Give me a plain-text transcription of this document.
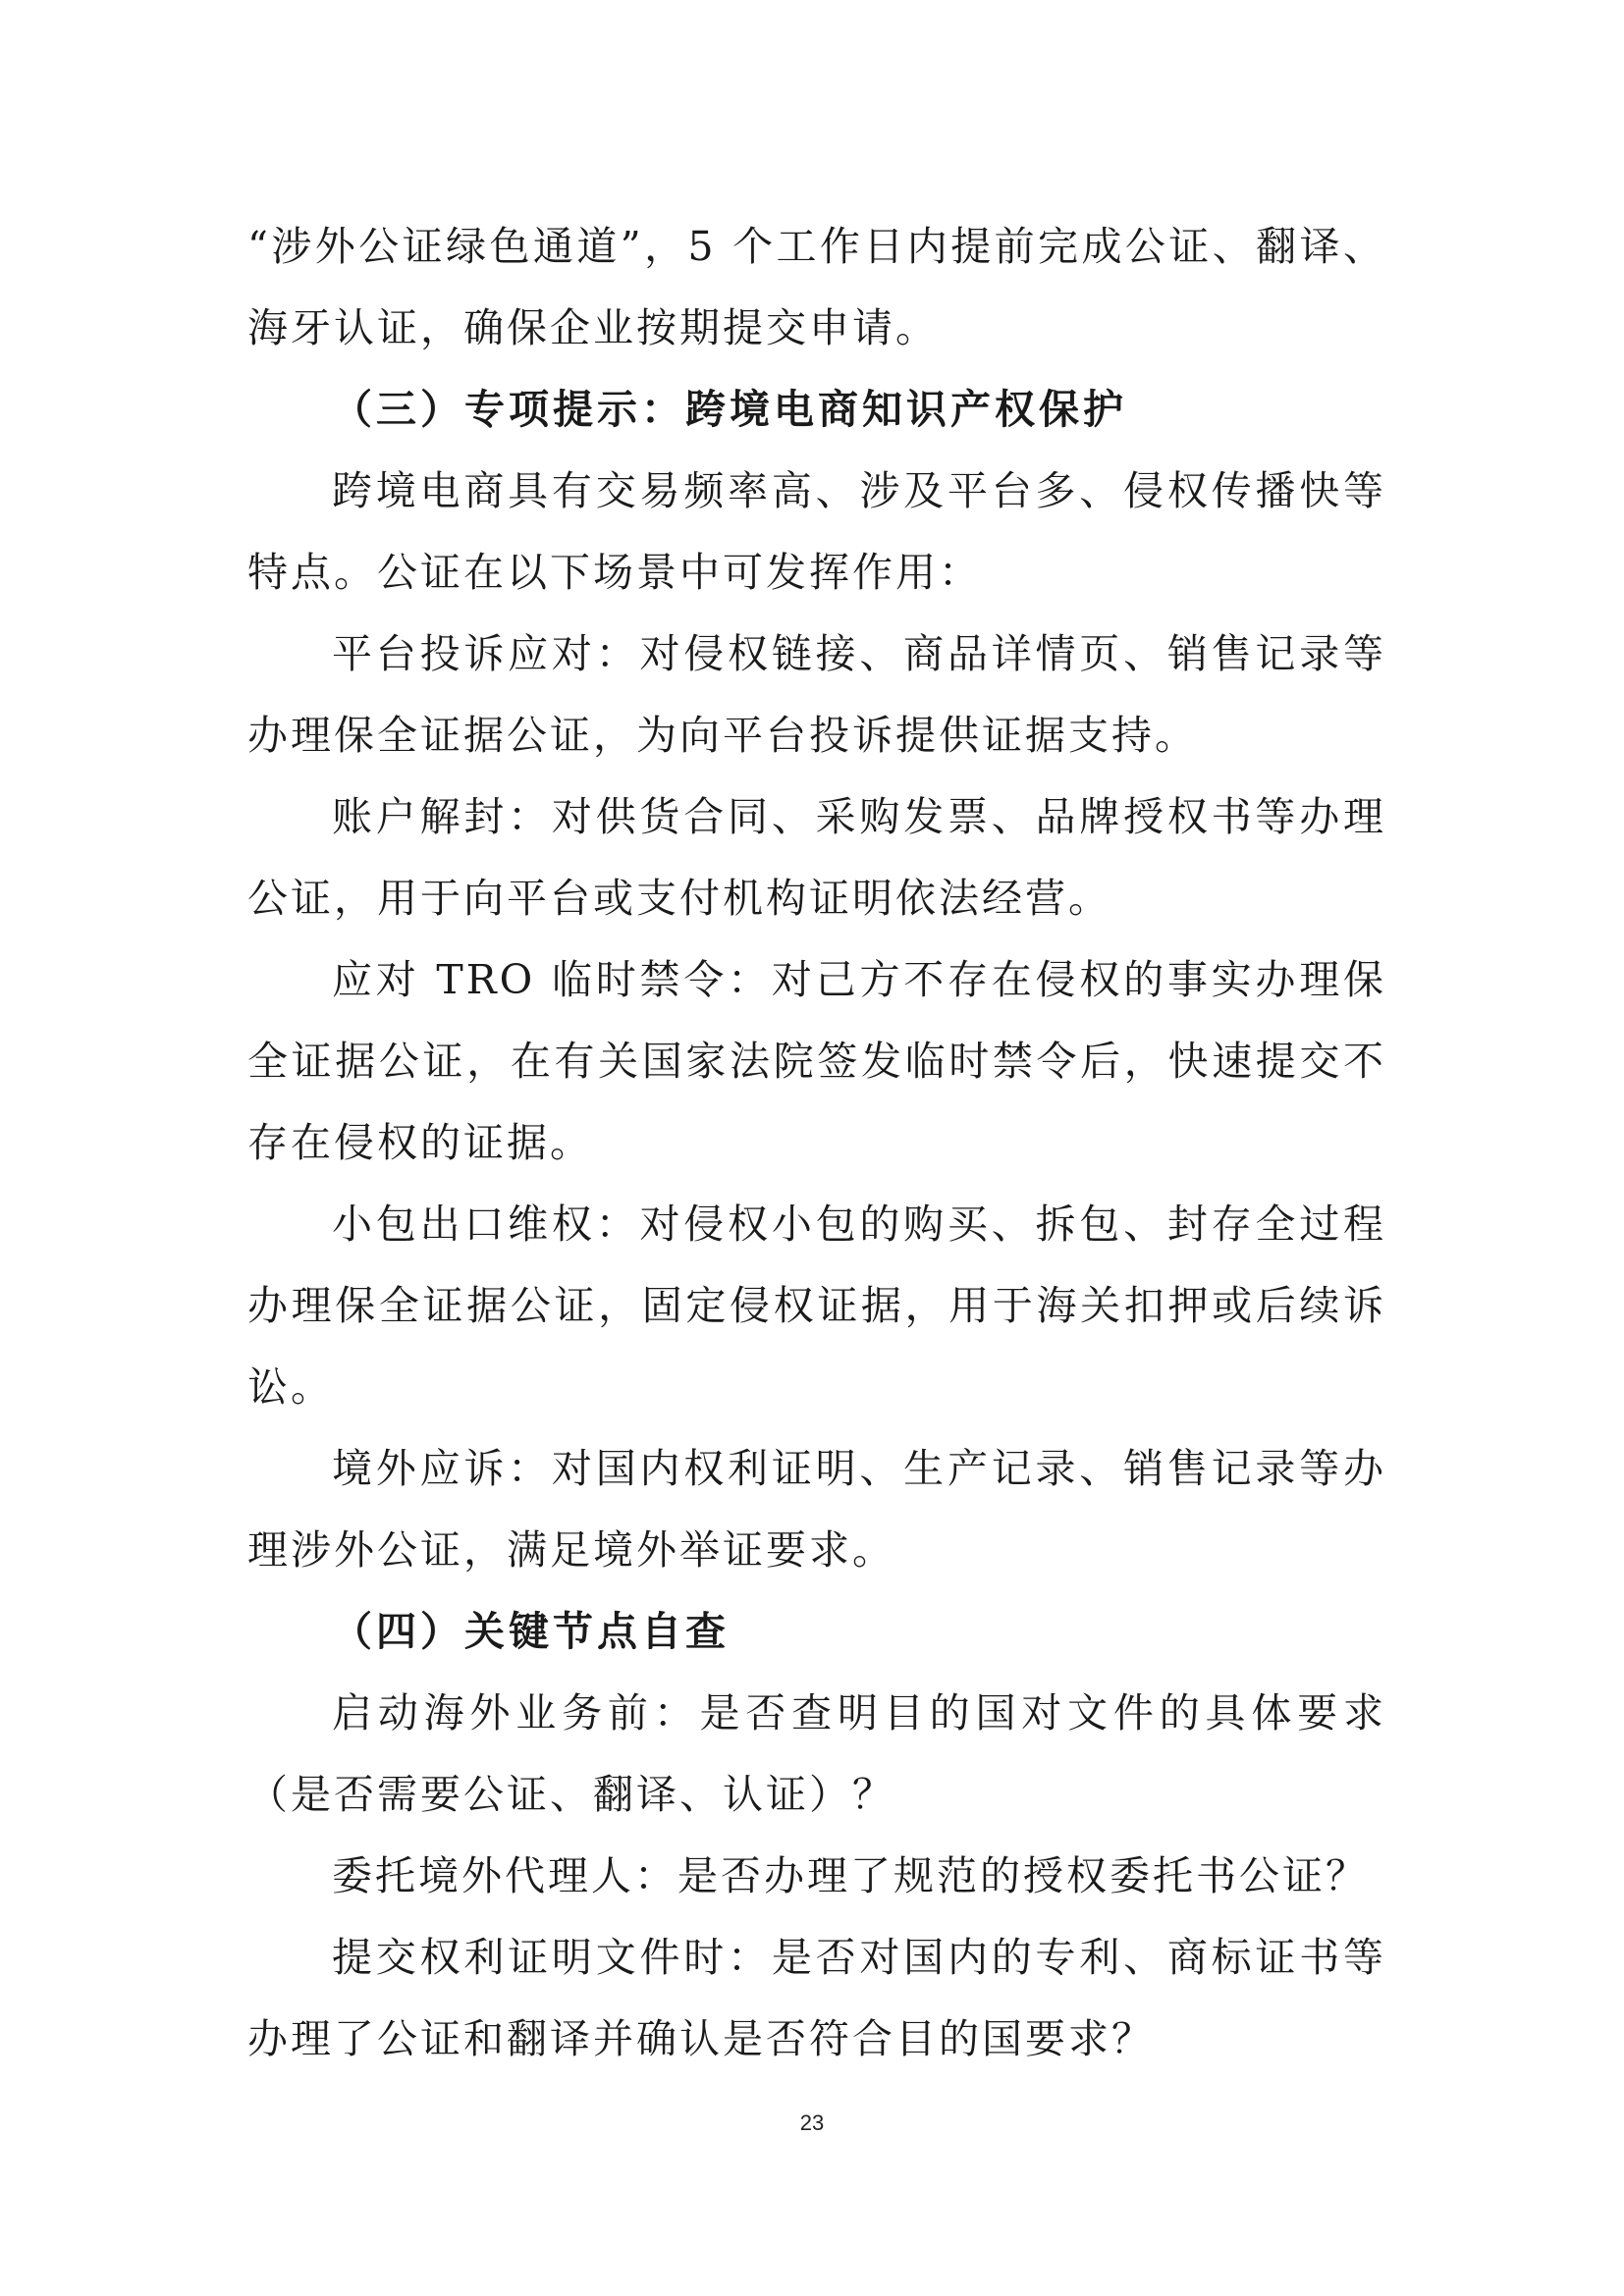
“涉外公证绿色通道”，5 个工作日内提前完成公证、翻译、海牙认证，确保企业按期提交申请。

（三）专项提示：跨境电商知识产权保护

跨境电商具有交易频率高、涉及平台多、侵权传播快等特点。公证在以下场景中可发挥作用：

平台投诉应对：对侵权链接、商品详情页、销售记录等办理保全证据公证，为向平台投诉提供证据支持。

账户解封：对供货合同、采购发票、品牌授权书等办理公证，用于向平台或支付机构证明依法经营。

应对 TRO 临时禁令：对己方不存在侵权的事实办理保全证据公证，在有关国家法院签发临时禁令后，快速提交不存在侵权的证据。

小包出口维权：对侵权小包的购买、拆包、封存全过程办理保全证据公证，固定侵权证据，用于海关扣押或后续诉讼。

境外应诉：对国内权利证明、生产记录、销售记录等办理涉外公证，满足境外举证要求。

（四）关键节点自查

启动海外业务前：是否查明目的国对文件的具体要求（是否需要公证、翻译、认证）？

委托境外代理人：是否办理了规范的授权委托书公证？

提交权利证明文件时：是否对国内的专利、商标证书等办理了公证和翻译并确认是否符合目的国要求？

23
